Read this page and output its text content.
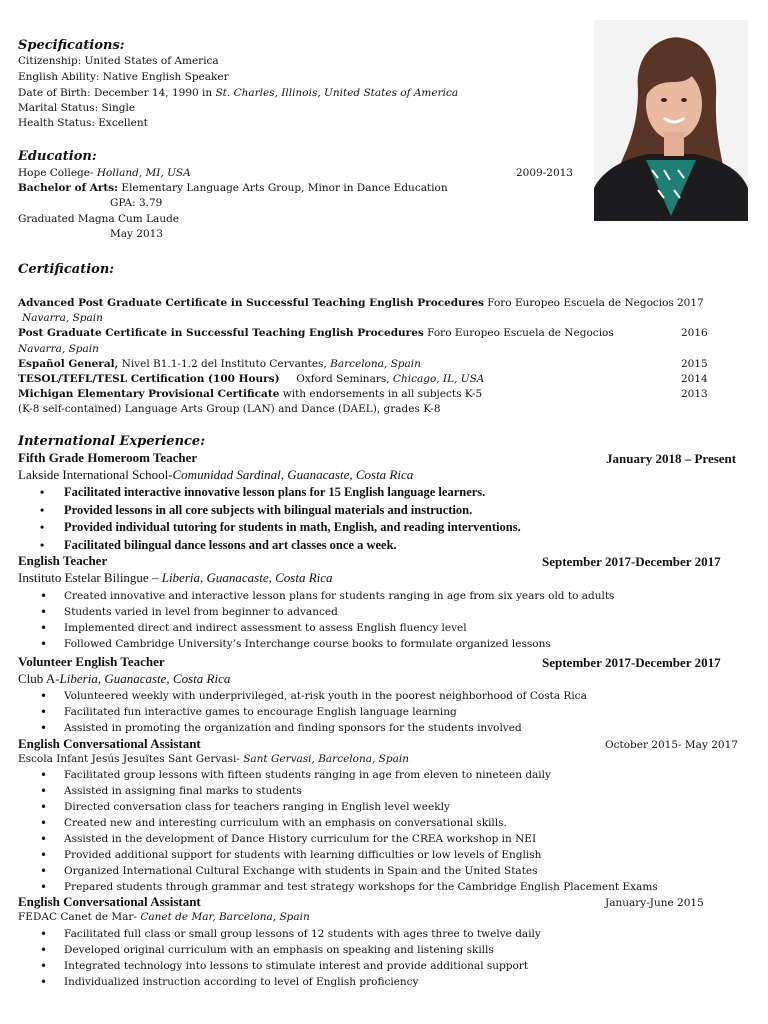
Specifications:
Citizenship: United States of America
English Ability: Native English Speaker
Date of Birth: December 14, 1990 in St. Charles, Illinois, United States of America
Marital Status: Single
Health Status: Excellent
Education:
Hope College- Holland, MI, USA	2009-2013
Bachelor of Arts: Elementary Language Arts Group, Minor in Dance Education
GPA: 3.79
Graduated Magna Cum Laude
May 2013
Certification:
Advanced Post Graduate Certificate in Successful Teaching English Procedures Foro Europeo Escuela de Negocios 2017
Navarra, Spain
Post Graduate Certificate in Successful Teaching English Procedures Foro Europeo Escuela de Negocios	2016
Navarra, Spain
Español General, Nivel B1.1-1.2 del Instituto Cervantes, Barcelona, Spain	2015
TESOL/TEFL/TESL Certification (100 Hours)     Oxford Seminars, Chicago, IL, USA	2014
Michigan Elementary Provisional Certificate with endorsements in all subjects K-5	2013
(K-8 self-contained) Language Arts Group (LAN) and Dance (DAEL), grades K-8
International Experience:
Fifth Grade Homeroom Teacher	January 2018 – Present
Lakside International School-Comunidad Sardinal, Guanacaste, Costa Rica
• Facilitated interactive innovative lesson plans for 15 English language learners.
• Provided lessons in all core subjects with bilingual materials and instruction.
• Provided individual tutoring for students in math, English, and reading interventions.
• Facilitated bilingual dance lessons and art classes once a week.
English Teacher	September 2017-December 2017
Instituto Estelar Bilingue – Liberia, Guanacaste, Costa Rica
• Created innovative and interactive lesson plans for students ranging in age from six years old to adults
• Students varied in level from beginner to advanced
• Implemented direct and indirect assessment to assess English fluency level
• Followed Cambridge University’s Interchange course books to formulate organized lessons
Volunteer English Teacher	September 2017-December 2017
Club A-Liberia, Guanacaste, Costa Rica
• Volunteered weekly with underprivileged, at-risk youth in the poorest neighborhood of Costa Rica
• Facilitated fun interactive games to encourage English language learning
• Assisted in promoting the organization and finding sponsors for the students involved
English Conversational Assistant	October 2015- May 2017
Escola Infant Jesús Jesuïtes Sant Gervasi- Sant Gervasi, Barcelona, Spain
• Facilitated group lessons with fifteen students ranging in age from eleven to nineteen daily
• Assisted in assigning final marks to students
• Directed conversation class for teachers ranging in English level weekly
• Created new and interesting curriculum with an emphasis on conversational skills.
• Assisted in the development of Dance History curriculum for the CREA workshop in NEI
• Provided additional support for students with learning difficulties or low levels of English
• Organized International Cultural Exchange with students in Spain and the United States
• Prepared students through grammar and test strategy workshops for the Cambridge English Placement Exams
English Conversational Assistant	January-June 2015
FEDAC Canet de Mar- Canet de Mar, Barcelona, Spain
• Facilitated full class or small group lessons of 12 students with ages three to twelve daily
• Developed original curriculum with an emphasis on speaking and listening skills
• Integrated technology into lessons to stimulate interest and provide additional support
• Individualized instruction according to level of English proficiency
